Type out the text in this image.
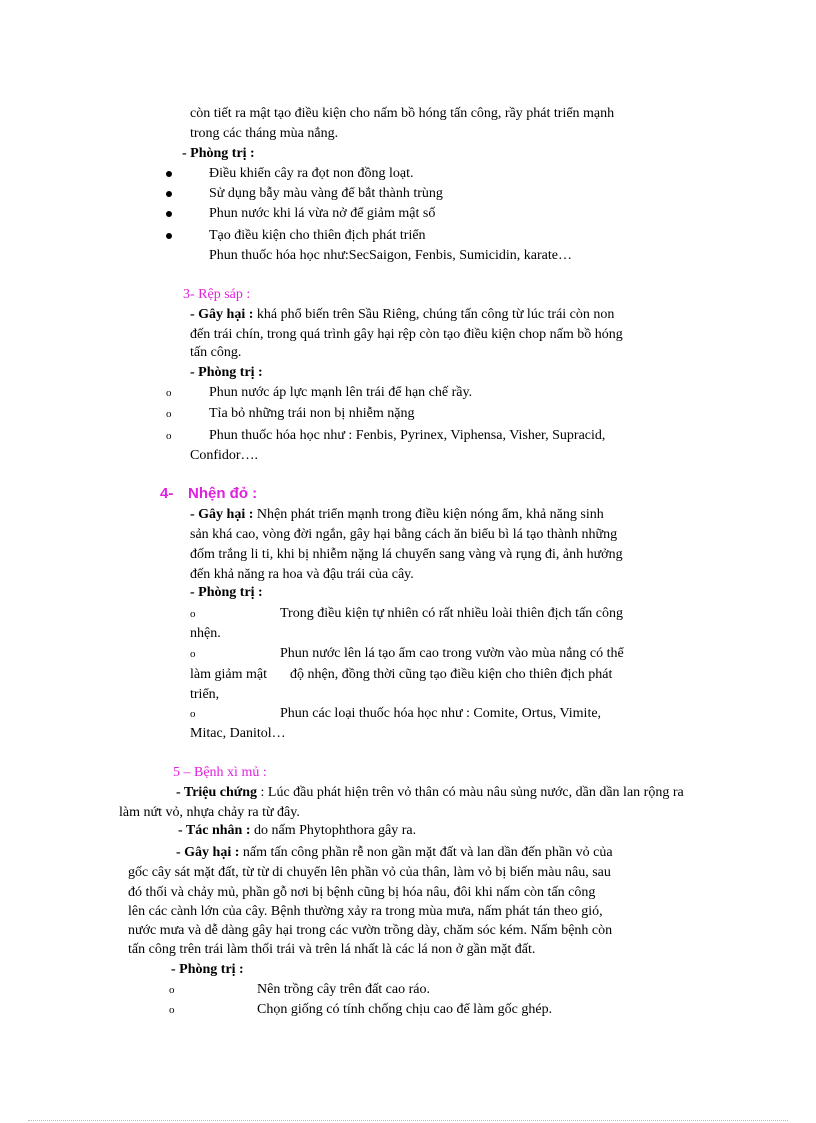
còn tiết ra mật tạo điều kiện cho nấm bồ hóng tấn công, rầy phát triển mạnh
trong các tháng mùa nắng.
- Phòng trị :
Điều khiển cây ra đọt non đồng loạt.
Sử dụng bẫy màu vàng để bắt thành trùng
Phun nước khi lá vừa nở để giảm mật số
Tạo điều kiện cho thiên địch phát triển
Phun thuốc hóa học như:SecSaigon, Fenbis, Sumicidin, karate…
3- Rệp sáp :
- Gây hại : khá phổ biến trên Sầu Riêng, chúng tấn công từ lúc trái còn non
đến trái chín, trong quá trình gây hại rệp còn tạo điều kiện chop nấm bồ hóng
tấn công.
- Phòng trị :
o	Phun nước áp lực mạnh lên trái để hạn chế rầy.
o	Tỉa bỏ những trái non bị nhiễm nặng
o	Phun thuốc hóa học như : Fenbis, Pyrinex, Viphensa, Visher, Supracid,
Confidor….
4- Nhện đỏ :
- Gây hại : Nhện phát triển mạnh trong điều kiện nóng ẩm, khả năng sinh
sản khá cao, vòng đời ngắn, gây hại bằng cách ăn biểu bì lá tạo thành những
đốm trắng li ti, khi bị nhiễm nặng lá chuyển sang vàng và rụng đi, ảnh hưởng
đến khả năng ra hoa và đậu trái của cây.
- Phòng trị :
o	Trong điều kiện tự nhiên có rất nhiều loài thiên địch tấn công
nhện.
o	Phun nước lên lá tạo ẩm cao trong vườn vào mùa nắng có thể
làm giảm mật độ nhện, đồng thời cũng tạo điều kiện cho thiên địch phát
triển,
o	Phun các loại thuốc hóa học như : Comite, Ortus, Vimite,
Mitac, Danitol…
5 – Bệnh xì mủ :
- Triệu chứng : Lúc đầu phát hiện trên vỏ thân có màu nâu sủng nước, dần dần lan rộng ra
làm nứt vỏ, nhựa chảy ra từ đây.
- Tác nhân : do nấm Phytophthora gây ra.
- Gây hại : nấm tấn công phần rễ non gần mặt đất và lan dần đến phần vỏ của
gốc cây sát mặt đất, từ từ di chuyển lên phần vỏ của thân, làm vỏ bị biến màu nâu, sau
đó thối và chảy mủ, phần gỗ nơi bị bệnh cũng bị hóa nâu, đôi khi nấm còn tấn công
lên các cành lớn của cây. Bệnh thường xảy ra trong mùa mưa, nấm phát tán theo gió,
nước mưa và dễ dàng gây hại trong các vườn trồng dày, chăm sóc kém. Nấm bệnh còn
tấn công trên trái làm thối trái và trên lá nhất là các lá non ở gần mặt đất.
- Phòng trị :
o	Nên trồng cây trên đất cao ráo.
o	Chọn giống có tính chống chịu cao để làm gốc ghép.
